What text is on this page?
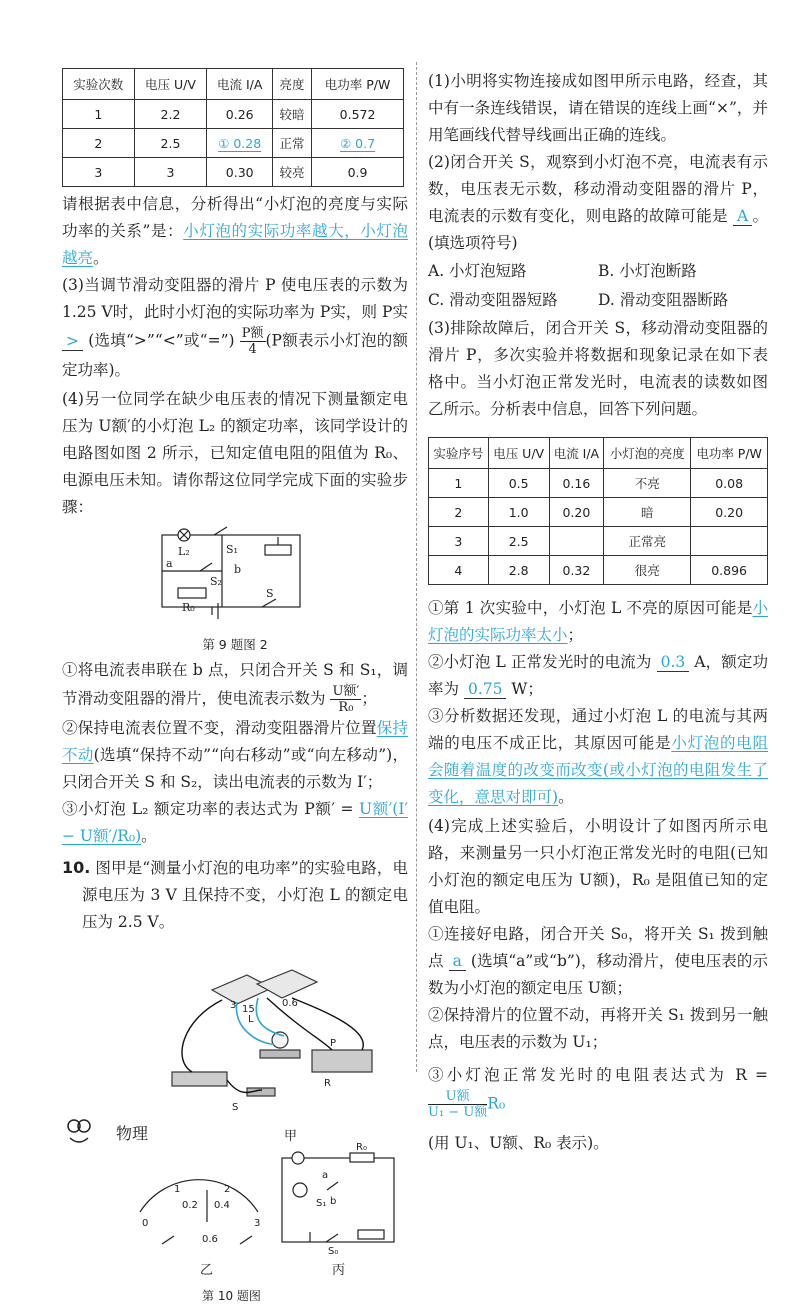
实验次数	电压 U/V	电流 I/A	亮度	电功率 P/W
1	2.2	0.26	较暗	0.572
2	2.5	① 0.28	正常	② 0.7
3	3	0.30	较亮	0.9

请根据表中信息，分析得出“小灯泡的亮度与实际功率的关系”是：小灯泡的实际功率越大，小灯泡越亮。

(3)当调节滑动变阻器的滑片 P 使电压表的示数为 1.25 V时，此时小灯泡的实际功率为 P实，则 P实 > (选填“>”“<”或“=”) $\frac{\text{P额}}{4} (P$额表示小灯泡的额定功率)。

(4)另一位同学在缺少电压表的情况下测量额定电压为 U额′的小灯泡 L₂ 的额定功率，该同学设计的电路图如图 2 所示，已知定值电阻的阻值为 R₀、电源电压未知。请你帮这位同学完成下面的实验步骤：

L₂
a
S₁
S₂
b
R₀
S
第 9 题图 2

①将电流表串联在 b 点，只闭合开关 S 和 S₁，调节滑动变阻器的滑片，使电流表示数为 $\frac{\text{U额′}}{\text{R₀}}$ ；

②保持电流表位置不变，滑动变阻器滑片位置保持不动(选填“保持不动”“向右移动”或“向左移动”)，只闭合开关 S 和 S₂，读出电流表的示数为 I′；

③小灯泡 L₂ 额定功率的表达式为 P额′ = U额′(I′ − U额′/R₀)。

10. 图甲是“测量小灯泡的电功率”的实验电路，电源电压为 3 V 且保持不变，小灯泡 L 的额定电压为 2.5 V。

L
P
R
S
0.6
3 15
甲
0
1	2
3
0.2 0.4
0.6
R₀
a
b
S₁
S₀
乙	丙
第 10 题图

(1)小明将实物连接成如图甲所示电路，经查，其中有一条连线错误，请在错误的连线上画“×”，并用笔画线代替导线画出正确的连线。

(2)闭合开关 S，观察到小灯泡不亮，电流表有示数，电压表无示数，移动滑动变阻器的滑片 P，电流表的示数有变化，则电路的故障可能是 A 。(填选项符号)

A. 小灯泡短路	B. 小灯泡断路
C. 滑动变阻器短路	D. 滑动变阻器断路

(3)排除故障后，闭合开关 S，移动滑动变阻器的滑片 P，多次实验并将数据和现象记录在如下表格中。当小灯泡正常发光时，电流表的读数如图乙所示。分析表中信息，回答下列问题。

实验序号	电压 U/V	电流 I/A	小灯泡的亮度	电功率 P/W
1	0.5	0.16	不亮	0.08
2	1.0	0.20	暗	0.20
3	2.5		正常亮	
4	2.8	0.32	很亮	0.896

①第 1 次实验中，小灯泡 L 不亮的原因可能是小灯泡的实际功率太小；

②小灯泡 L 正常发光时的电流为 0.3 A，额定功率为 0.75 W；

③分析数据还发现，通过小灯泡 L 的电流与其两端的电压不成正比，其原因可能是小灯泡的电阻会随着温度的改变而改变(或小灯泡的电阻发生了变化，意思对即可)。

(4)完成上述实验后，小明设计了如图丙所示电路，来测量另一只小灯泡正常发光时的电阻(已知小灯泡的额定电压为 U额)，R₀ 是阻值已知的定值电阻。

①连接好电路，闭合开关 S₀，将开关 S₁ 拨到触点 a (选填“a”或“b”)，移动滑片，使电压表的示数为小灯泡的额定电压 U额；

②保持滑片的位置不动，再将开关 S₁ 拨到另一触点，电压表的示数为 U₁；

③小灯泡正常发光时的电阻表达式为 R =
$\frac{\text{U额}}{\text{U₁ − U额}} R_0$

(用 U₁、U额、R₀ 表示)。

物理
